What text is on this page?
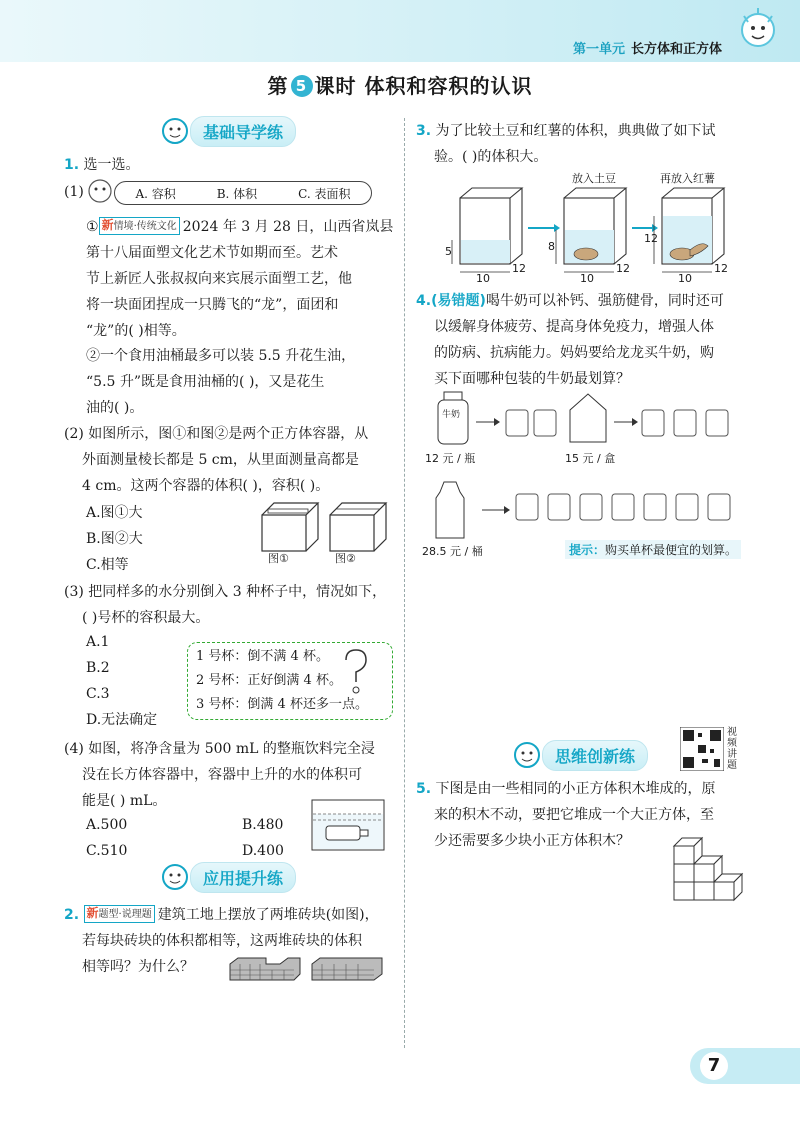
第一单元 长方体和正方体
第 5 课时 体积和容积的认识
基础导学练
1. 选一选。
(1)	A. 容积	B. 体积	C. 表面积
① 新情境·传统文化 2024 年 3 月 28 日，山西省岚县
第十八届面塑文化艺术节如期而至。艺术
节上新匠人张叔叔向来宾展示面塑工艺，他
将一块面团捏成一只腾飞的“龙”，面团和
“龙”的( )相等。
②一个食用油桶最多可以装 5.5 升花生油，
“5.5 升”既是食用油桶的( )，又是花生
油的( )。
(2) 如图所示，图①和图②是两个正方体容器，从
外面测量棱长都是 5 cm，从里面测量高都是
4 cm。这两个容器的体积( )，容积( )。
A.图①大
B.图②大
C.相等	图①	图②
(3) 把同样多的水分别倒入 3 种杯子中，情况如下，
( )号杯的容积最大。
A.1
B.2
C.3
D.无法确定
1 号杯：倒不满 4 杯。
2 号杯：正好倒满 4 杯。
3 号杯：倒满 4 杯还多一点。
(4) 如图，将净含量为 500 mL 的整瓶饮料完全浸
没在长方体容器中，容器中上升的水的体积可
能是( ) mL。
A.500	B.480

C.510	D.400
应用提升练
2. 新题型·说理题 建筑工地上摆放了两堆砖块(如图)，
若每块砖块的体积都相等，这两堆砖块的体积
相等吗？为什么？
3. 为了比较土豆和红薯的体积，典典做了如下试
验。( )的体积大。
放入土豆	再放入红薯
5	8
12
10
12
10
12
10
12
4.(易错题)喝牛奶可以补钙、强筋健骨，同时还可
以缓解身体疲劳、提高身体免疫力，增强人体
的防病、抗病能力。妈妈要给龙龙买牛奶，购
买下面哪种包装的牛奶最划算？
牛奶
12 元 / 瓶	15 元 / 盒
28.5 元 / 桶	提示：购买单杯最便宜的划算。
思维创新练
视频讲题
5. 下图是由一些相同的小正方体积木堆成的，原
来的积木不动，要把它堆成一个大正方体，至
少还需要多少块小正方体积木？
7
